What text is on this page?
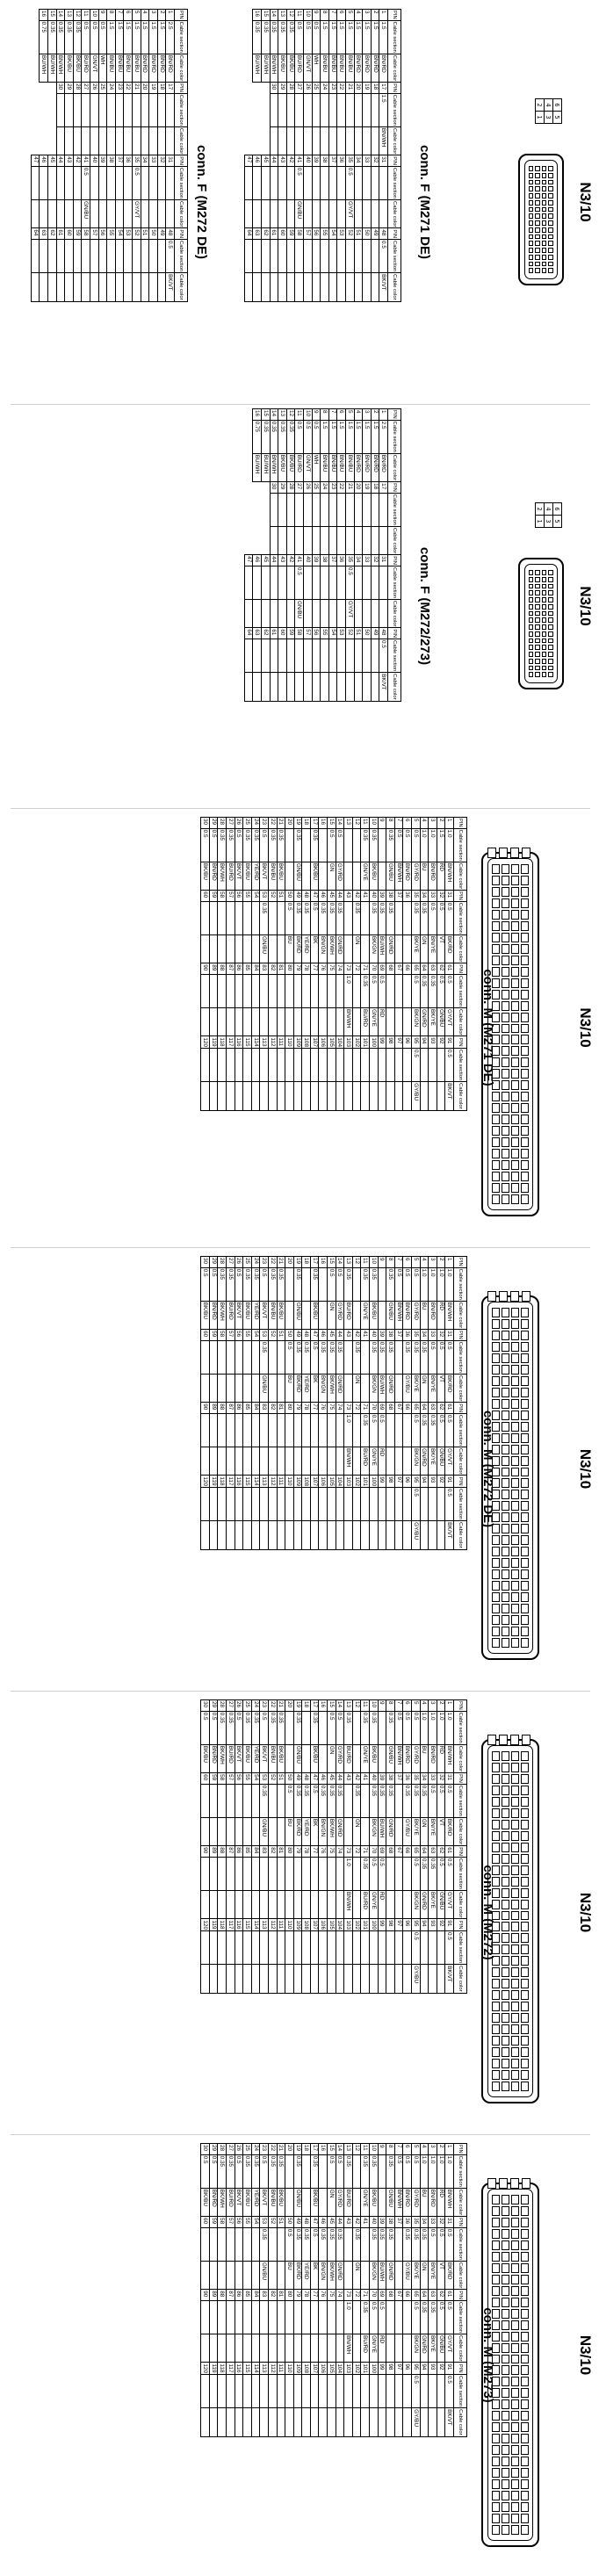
N3/10
6	5
4	3
2	1
conn. F (M271 DE)
PIN	Cable section	Cable color	PIN	Cable section	Cable color	PIN	Cable section	Cable color	PIN	Cable section	Cable color
1	1.5	BN/RD	17	1.5	BN/WH	31			48	0.5	BK/VT
2	1.5	BN/RD	18			32			49		
3	1.5	BN/RD	19			33			50		
4	1.5	BN/RD	20			34			51		
5	1.5	BN/BU	21			35	0.5	GY/VT	52		
6	1.5	BN/BU	22			36			53		
7	1.5	BN/BU	23			37			54		
8	1.5	BN/BU	24			38			55		
9	0.5	WH	25			39			56		
10	0.5	GN/VT	26			40			57		
11	0.5	BU/RD	27			41	0.5	GN/BU	58		
12	0.35	BK/BU	28			42			59		
13	0.35	BK/BU	29			43			60		
14	0.35	BN/WH	30			44			61		
15	0.35	BU/WH				45			62		
16	0.35	BU/WH				46			63		
						47			64		
conn. F (M272 DE)
PIN	Cable section	Cable color	PIN	Cable section	Cable color	PIN	Cable section	Cable color	PIN	Cable section	Cable color
1	2.5	BN/RD	17			31			48	0.5	BK/VT
2	1.5	BN/RD	18			32			49		
3	1.5	BN/RD	19			33			50		
4	1.5	BN/RD	20			34			51		
5	1.5	BN/BU	21			35	0.5	GY/VT	52		
6	1.5	BN/BU	22			36			53		
7	1.5	BN/BU	23			37			54		
8	1.5	BN/BU	24			38			55		
9	0.5	WH	25			39			56		
10	0.5	GN/VT	26			40			57		
11	0.5	BU/RD	27			41	0.5	GN/BU	58		
12	0.35	BK/BU	28			42			59		
13	0.35	BK/BU	29			43			60		
14	0.35	BN/WH	30			44			61		
15	0.35	BU/WH				45			62		
16	0.75	BU/WH				46			63		
						47			64		
N3/10
6	5
4	3
2	1
conn. F (M272/273)
PIN	Cable section	Cable color	PIN	Cable section	Cable color	PIN	Cable section	Cable color	PIN	Cable section	Cable color
1	2.5	BN/RD	17			31			48	0.5	BK/VT
2	1.5	BN/RD	18			32			49		
3	1.5	BN/RD	19			33			50		
4	1.5	BN/RD	20			34			51		
5	1.5	BN/BU	21			35	0.5	GY/VT	52		
6	1.5	BN/BU	22			36			53		
7	1.5	BN/BU	23			37			54		
8	1.5	BN/BU	24			38			55		
9	0.5	WH	25			39			56		
10	0.5	GN/VT	26			40			57		
11	0.5	BU/RD	27			41	0.5	GN/BU	58		
12	0.35	BK/BU	28			42			59		
13	0.35	BK/BU	29			43			60		
14	0.35	BN/WH	30			44			61		
15	0.35	BU/WH				45			62		
16	0.75	BU/WH				46			63		
						47			64		
N3/10
conn. M (M271 DE)
PIN	Cable section	Cable color	PIN	Cable section	Cable color	PIN	Cable section	Cable color	PIN	Cable section	Cable color
1	1.0	BN/WH	31	0.5	BK/RD	61	0.5	GY/VT	91	0.5	BK/VT
2	1.5	RD	32	0.5	VT	62	0.5	GN/BU	92		
3	1.0	BN/RD	33	0.5	BN/YE	63	0.35	BK/YE	93		
4	1.0	BU	34	0.35	GN	64	0.35	GN/RD	94		
5	0.5	GY/RD	35	0.35	BK/YE	65	0.5	BK/GN	95	0.5	GY/BU
6	0.5	BN/RD	36			66			96		
7	0.5	BN/WH	37			67			97		
8	0.35	GN/BU	38	0.35	GN/RD	68			98		
9			39	0.35	BU/WH	69	0.5	RD	99		
10	0.35	BK/BU	40	0.35	BK/GN	70	0.5	GN/YE	100		
11	0.35	GN/YE	41			71	0.35	BU/RD	101		
12			42	0.35	GN	72			102		
13			43			73	1.0	BN/WH	103		
14	0.5	GY/RD	44	0.35	GN/RD	74			104		
15	0.5	GN	45	0.35	BK/WH	75			105		
16			46	0.35	BN/GN	76			106		
17	0.35	BK/BU	47	0.5	BK	77			107		
18			48	0.35	YE/RD	78			108		
19	0.35	GN/BU	49	0.35	BK/RD	79			109		
20			50	0.5	BU	80			110		
21	0.35	BK/BU	51			81			111		
22	0.35	BN/BU	52			82			112		
23	0.5	BK/VT	53	0.35	GN/BU	83			113		
24	0.35	YE/RD	54			84			114		
25	0.35	BK/BU	55			85			115		
26	0.5	BK/VT	56			86			116		
27	0.35	BU/RD	57			87			117		
28	0.35	BK/WH	58			88			118		
29	0.5	BN/RD	59			89			119		
30	0.5	BK/BU	60			90			120		
N3/10
conn. M (M272 DE)
PIN	Cable section	Cable color	PIN	Cable section	Cable color	PIN	Cable section	Cable color	PIN	Cable section	Cable color
1	1.0	BN/WH	31	0.5	BK/RD	61	0.5	GY/VT	91	0.5	BK/VT
2	1.0	RD	32	0.5	VT	62	0.5	GN/BU	92		
3	1.0	BN/RD	33	0.5	BN/YE	63	0.35	BK/YE	93		
4	1.0	BU	34	0.35	GN	64	0.35	GN/RD	94		
5	0.5	GY/RD	35	0.35	BK/YE	65	0.5	BK/GN	95	0.5	GY/BU
6	0.5	BN/RD	36	0.35	GY/BU	66			96		
7	0.5	BN/WH	37			67			97		
8	0.35	GN/BU	38	0.35	GN/RD	68			98		
9			39	0.35	BU/WH	69	0.5	RD	99		
10	0.35	BK/BU	40	0.35	BK/GN	70	0.5	GN/YE	100		
11	0.35	GN/YE	41			71	0.35	BU/RD	101		
12			42	0.35	GN	72			102		
13	0.35	BU/RD	43			73	1.0	BN/WH	103		
14	0.5	GY/RD	44	0.35	GN/RD	74			104		
15	0.5	GN	45	0.35	BK/WH	75			105		
16			46	0.35	BN/GN	76			106		
17	0.35	BK/BU	47	0.5	BK	77			107		
18			48	0.35	YE/RD	78			108		
19	0.35	GN/BU	49	0.35	BK/RD	79			109		
20			50	0.5	BU	80			110		
21	0.35	BK/BU	51			81			111		
22	0.35	BN/BU	52			82			112		
23	0.5	BK/VT	53	0.35	GN/BU	83			113		
24	0.35	YE/RD	54			84			114		
25	0.35	BK/BU	55			85			115		
26	0.5	BK/VT	56			86			116		
27	0.35	BU/RD	57			87			117		
28	0.35	BK/WH	58			88			118		
29	0.5	BN/RD	59			89			119		
30	0.5	BK/BU	60			90			120		
N3/10
conn. M (M272)
PIN	Cable section	Cable color	PIN	Cable section	Cable color	PIN	Cable section	Cable color	PIN	Cable section	Cable color
1	1.0	BN/WH	31	0.5	BK/RD	61	0.5	GY/VT	91	0.5	BK/VT
2	1.0	RD	32	0.5	VT	62	0.5	GN/BU	92		
3	1.0	BN/RD	33	0.5	BN/YE	63	0.35	BK/YE	93		
4	1.0	BU	34	0.35	GN	64	0.35	GN/RD	94		
5	0.5	GY/RD	35	0.35	BK/YE	65	0.5	BK/GN	95	0.5	GY/BU
6	0.5	BN/RD	36	0.35	GY/BU	66			96		
7	0.5	BN/WH	37			67			97		
8	0.35	GN/BU	38	0.35	GN/RD	68			98		
9			39	0.35	BU/WH	69	0.5	RD	99		
10	0.35	BK/BU	40	0.35	BK/GN	70	0.5	GN/YE	100		
11	0.35	GN/YE	41			71	0.35	BU/RD	101		
12			42	0.35	GN	72			102		
13	0.35	BU/RD	43			73	1.0	BN/WH	103		
14	0.5	GY/RD	44	0.35	GN/RD	74			104		
15	0.5	GN	45	0.35	BK/WH	75			105		
16			46	0.35	BN/GN	76			106		
17	0.35	BK/BU	47	0.5	BK	77			107		
18			48	0.35	YE/RD	78			108		
19	0.35	GN/BU	49	0.35	BK/RD	79			109		
20			50	0.5	BU	80			110		
21	0.35	BK/BU	51			81			111		
22	0.35	BN/BU	52			82			112		
23	0.5	BK/VT	53	0.35	GN/BU	83			113		
24	0.35	YE/RD	54			84			114		
25	0.35	BK/BU	55			85			115		
26	0.5	BK/VT	56			86			116		
27	0.35	BU/RD	57			87			117		
28	0.35	BK/WH	58			88			118		
29	0.5	BN/RD	59			89			119		
30	0.5	BK/BU	60			90			120		
N3/10
conn. M (M273)
PIN	Cable section	Cable color	PIN	Cable section	Cable color	PIN	Cable section	Cable color	PIN	Cable section	Cable color
1	1.0	BN/WH	31	0.5	BK/RD	61	0.5	GY/VT	91	0.5	BK/VT
2	1.0	RD	32	0.5	VT	62	0.5	GN/BU	92		
3	1.0	BN/RD	33	0.5	BN/YE	63	0.35	BK/YE	93		
4	1.0	BU	34	0.35	GN	64	0.35	GN/RD	94		
5	0.5	GY/RD	35	0.35	BK/YE	65	0.5	BK/GN	95	0.5	GY/BU
6	0.5	BN/RD	36	0.35	GY/BU	66			96		
7	0.5	BN/WH	37			67			97		
8	0.35	GN/BU	38	0.35	GN/RD	68			98		
9			39	0.35	BU/WH	69	0.5	RD	99		
10	0.35	BK/BU	40	0.35	BK/GN	70	0.5	GN/YE	100		
11	0.35	GN/YE	41			71	0.35	BU/RD	101		
12			42	0.35	GN	72			102		
13	0.35	BU/RD	43			73	1.0	BN/WH	103		
14	0.5	GY/RD	44	0.35	GN/RD	74			104		
15	0.5	GN	45	0.35	BK/WH	75			105		
16			46	0.35	BN/GN	76			106		
17	0.35	BK/BU	47	0.5	BK	77			107		
18			48	0.35	YE/RD	78			108		
19	0.35	GN/BU	49	0.35	BK/RD	79			109		
20			50	0.5	BU	80			110		
21	0.35	BK/BU	51			81			111		
22	0.35	BN/BU	52			82			112		
23	0.5	BK/VT	53	0.35	GN/BU	83			113		
24	0.35	YE/RD	54			84			114		
25	0.35	BK/BU	55			85			115		
26	0.5	BK/VT	56			86			116		
27	0.35	BU/RD	57			87			117		
28	0.35	BK/WH	58			88			118		
29	0.5	BN/RD	59			89			119		
30	0.5	BK/BU	60			90			120		
